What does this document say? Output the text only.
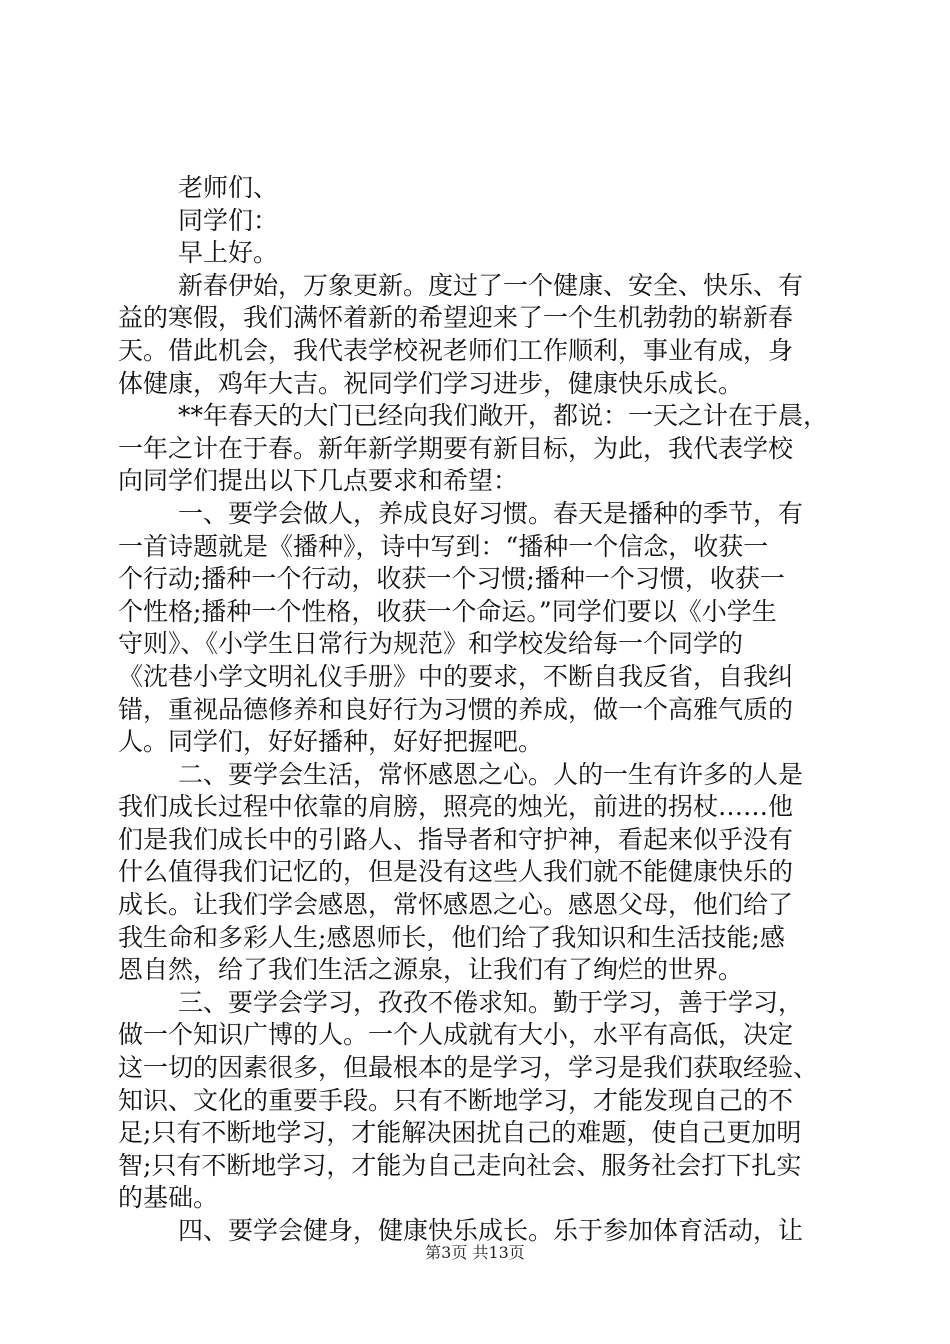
老师们、
同学们：
早上好。
新春伊始，万象更新。度过了一个健康、安全、快乐、有
益的寒假，我们满怀着新的希望迎来了一个生机勃勃的崭新春
天。借此机会，我代表学校祝老师们工作顺利，事业有成，身
体健康，鸡年大吉。祝同学们学习进步，健康快乐成长。
**年春天的大门已经向我们敞开，都说：一天之计在于晨，
一年之计在于春。新年新学期要有新目标，为此，我代表学校
向同学们提出以下几点要求和希望：
一、要学会做人，养成良好习惯。春天是播种的季节，有
一首诗题就是《播种》，诗中写到：“播种一个信念，收获一
个行动;播种一个行动，收获一个习惯;播种一个习惯，收获一
个性格;播种一个性格，收获一个命运。”同学们要以《小学生
守则》、《小学生日常行为规范》和学校发给每一个同学的
《沈巷小学文明礼仪手册》中的要求，不断自我反省，自我纠
错，重视品德修养和良好行为习惯的养成，做一个高雅气质的
人。同学们，好好播种，好好把握吧。
二、要学会生活，常怀感恩之心。人的一生有许多的人是
我们成长过程中依靠的肩膀，照亮的烛光，前进的拐杖……他
们是我们成长中的引路人、指导者和守护神，看起来似乎没有
什么值得我们记忆的，但是没有这些人我们就不能健康快乐的
成长。让我们学会感恩，常怀感恩之心。感恩父母，他们给了
我生命和多彩人生;感恩师长，他们给了我知识和生活技能;感
恩自然，给了我们生活之源泉，让我们有了绚烂的世界。
三、要学会学习，孜孜不倦求知。勤于学习，善于学习，
做一个知识广博的人。一个人成就有大小，水平有高低，决定
这一切的因素很多，但最根本的是学习，学习是我们获取经验、
知识、文化的重要手段。只有不断地学习，才能发现自己的不
足;只有不断地学习，才能解决困扰自己的难题，使自己更加明
智;只有不断地学习，才能为自己走向社会、服务社会打下扎实
的基础。
四、要学会健身，健康快乐成长。乐于参加体育活动，让
第3页 共13页
